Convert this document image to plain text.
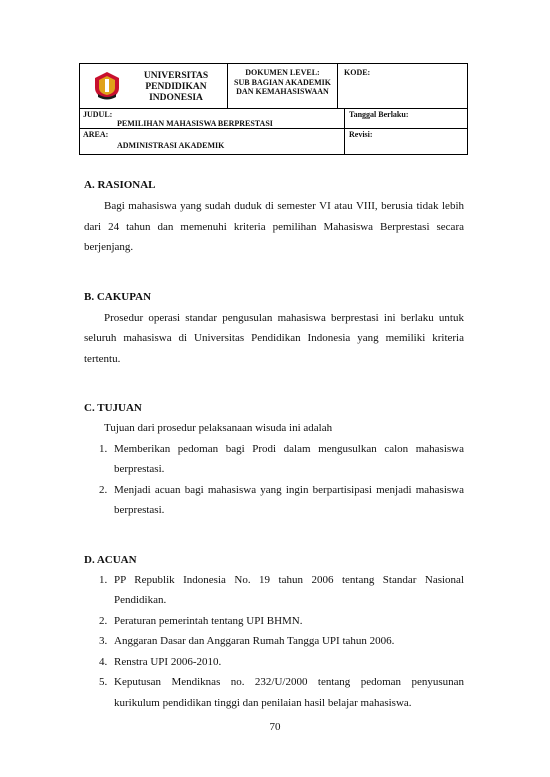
UNIVERSITAS
PENDIDIKAN
INDONESIA
DOKUMEN LEVEL:
SUB BAGIAN AKADEMIK
DAN KEMAHASISWAAN
KODE:
JUDUL:
PEMILIHAN MAHASISWA BERPRESTASI
Tanggal Berlaku:
AREA:
ADMINISTRASI AKADEMIK
Revisi:
A. RASIONAL

Bagi mahasiswa yang sudah duduk di semester VI atau VIII, berusia tidak lebih dari 24 tahun dan memenuhi kriteria pemilihan Mahasiswa Berprestasi secara berjenjang.

B. CAKUPAN

Prosedur operasi standar pengusulan mahasiswa berprestasi ini berlaku untuk seluruh mahasiswa di Universitas Pendidikan Indonesia yang memiliki kriteria tertentu.

C. TUJUAN

Tujuan dari prosedur pelaksanaan wisuda ini adalah

1. Memberikan pedoman bagi Prodi dalam mengusulkan calon mahasiswa berprestasi.
2. Menjadi acuan bagi mahasiswa yang ingin berpartisipasi menjadi mahasiswa berprestasi.
D. ACUAN
1. PP Republik Indonesia No. 19 tahun 2006 tentang Standar Nasional Pendidikan.
2. Peraturan pemerintah tentang UPI BHMN.
3. Anggaran Dasar dan Anggaran Rumah Tangga UPI tahun 2006.
4. Renstra UPI 2006-2010.
5. Keputusan Mendiknas no. 232/U/2000 tentang pedoman penyusunan kurikulum pendidikan tinggi dan penilaian hasil belajar mahasiswa.
70
